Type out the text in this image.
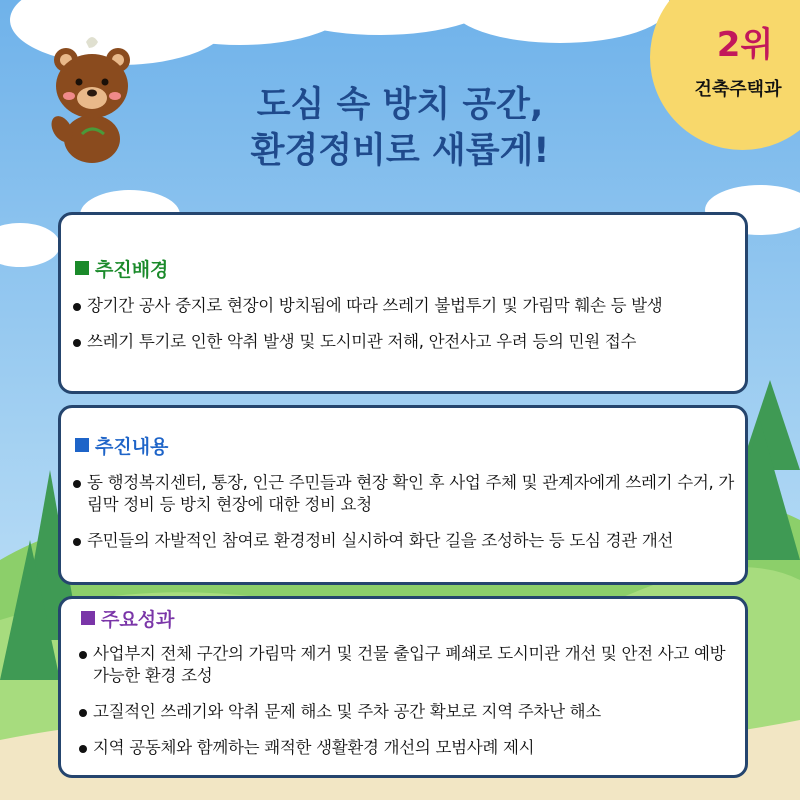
2위
건축주택과
도심 속 방치 공간,
환경정비로 새롭게!
추진배경
장기간 공사 중지로 현장이 방치됨에 따라 쓰레기 불법투기 및 가림막 훼손 등 발생
쓰레기 투기로 인한 악취 발생 및 도시미관 저해, 안전사고 우려 등의 민원 접수
추진내용
동 행정복지센터, 통장, 인근 주민들과 현장 확인 후 사업 주체 및 관계자에게 쓰레기 수거, 가림막 정비 등 방치 현장에 대한 정비 요청
주민들의 자발적인 참여로 환경정비 실시하여 화단 길을 조성하는 등 도심 경관 개선
주요성과
사업부지 전체 구간의 가림막 제거 및 건물 출입구 폐쇄로 도시미관 개선 및 안전 사고 예방 가능한 환경 조성
고질적인 쓰레기와 악취 문제 해소 및 주차 공간 확보로 지역 주차난 해소
지역 공동체와 함께하는 쾌적한 생활환경 개선의 모범사례 제시
